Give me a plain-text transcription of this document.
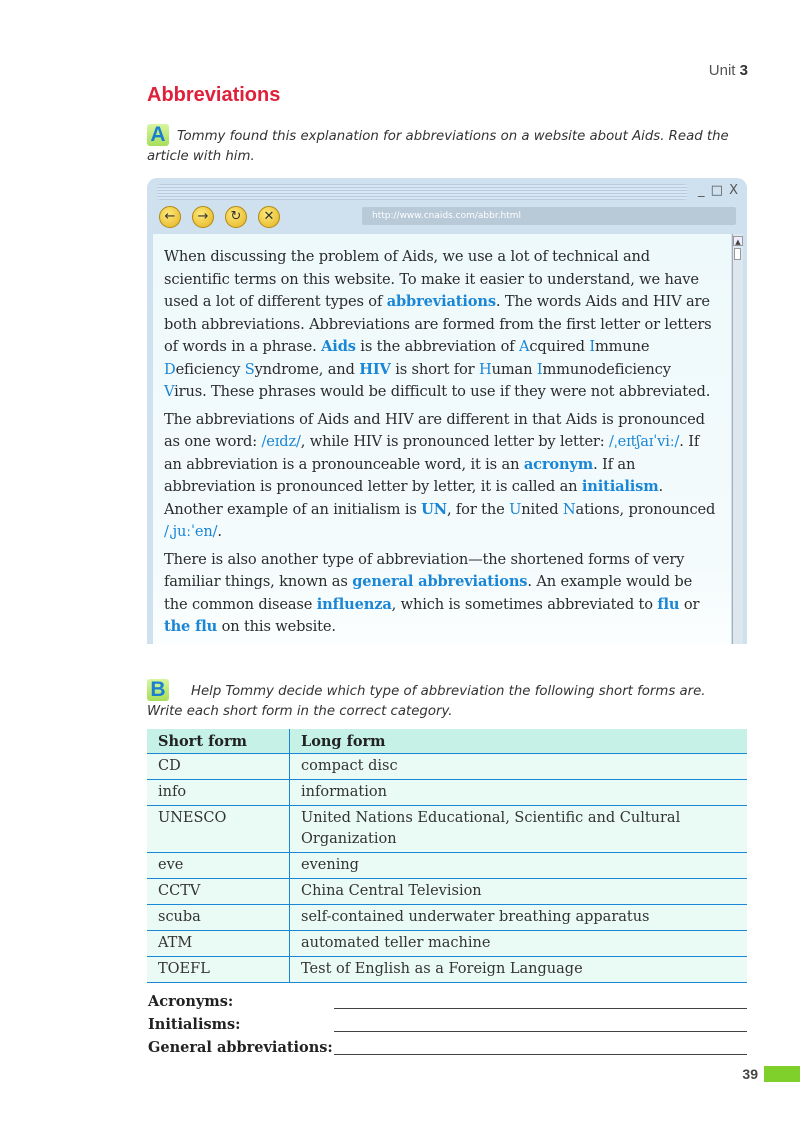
Unit 3
Abbreviations
A Tommy found this explanation for abbreviations on a website about Aids. Read the article with him.
_ □ X
←	→	↻	✕	http://www.cnaids.com/abbr.html
▲

When discussing the problem of Aids, we use a lot of technical and scientific terms on this website. To make it easier to understand, we have used a lot of different types of abbreviations. The words Aids and HIV are both abbreviations. Abbreviations are formed from the first letter or letters of words in a phrase. Aids is the abbreviation of Acquired Immune Deficiency Syndrome, and HIV is short for Human Immunodeficiency Virus. These phrases would be difficult to use if they were not abbreviated.

The abbreviations of Aids and HIV are different in that Aids is pronounced as one word: /eɪdz/, while HIV is pronounced letter by letter: /ˌeɪtʃaɪˈviː/. If an abbreviation is a pronounceable word, it is an acronym. If an abbreviation is pronounced letter by letter, it is called an initialism. Another example of an initialism is UN, for the United Nations, pronounced /ˌjuːˈen/.

There is also another type of abbreviation—the shortened forms of very familiar things, known as general abbreviations. An example would be the common disease influenza, which is sometimes abbreviated to flu or the flu on this website.

B	Help Tommy decide which type of abbreviation the following short forms are. Write each short form in the correct category.
Short form	Long form
CD	compact disc
info	information
UNESCO	United Nations Educational, Scientific and Cultural Organization
eve	evening
CCTV	China Central Television
scuba	self-contained underwater breathing apparatus
ATM	automated teller machine
TOEFL	Test of English as a Foreign Language
Acronyms:
Initialisms:
General abbreviations:
39
